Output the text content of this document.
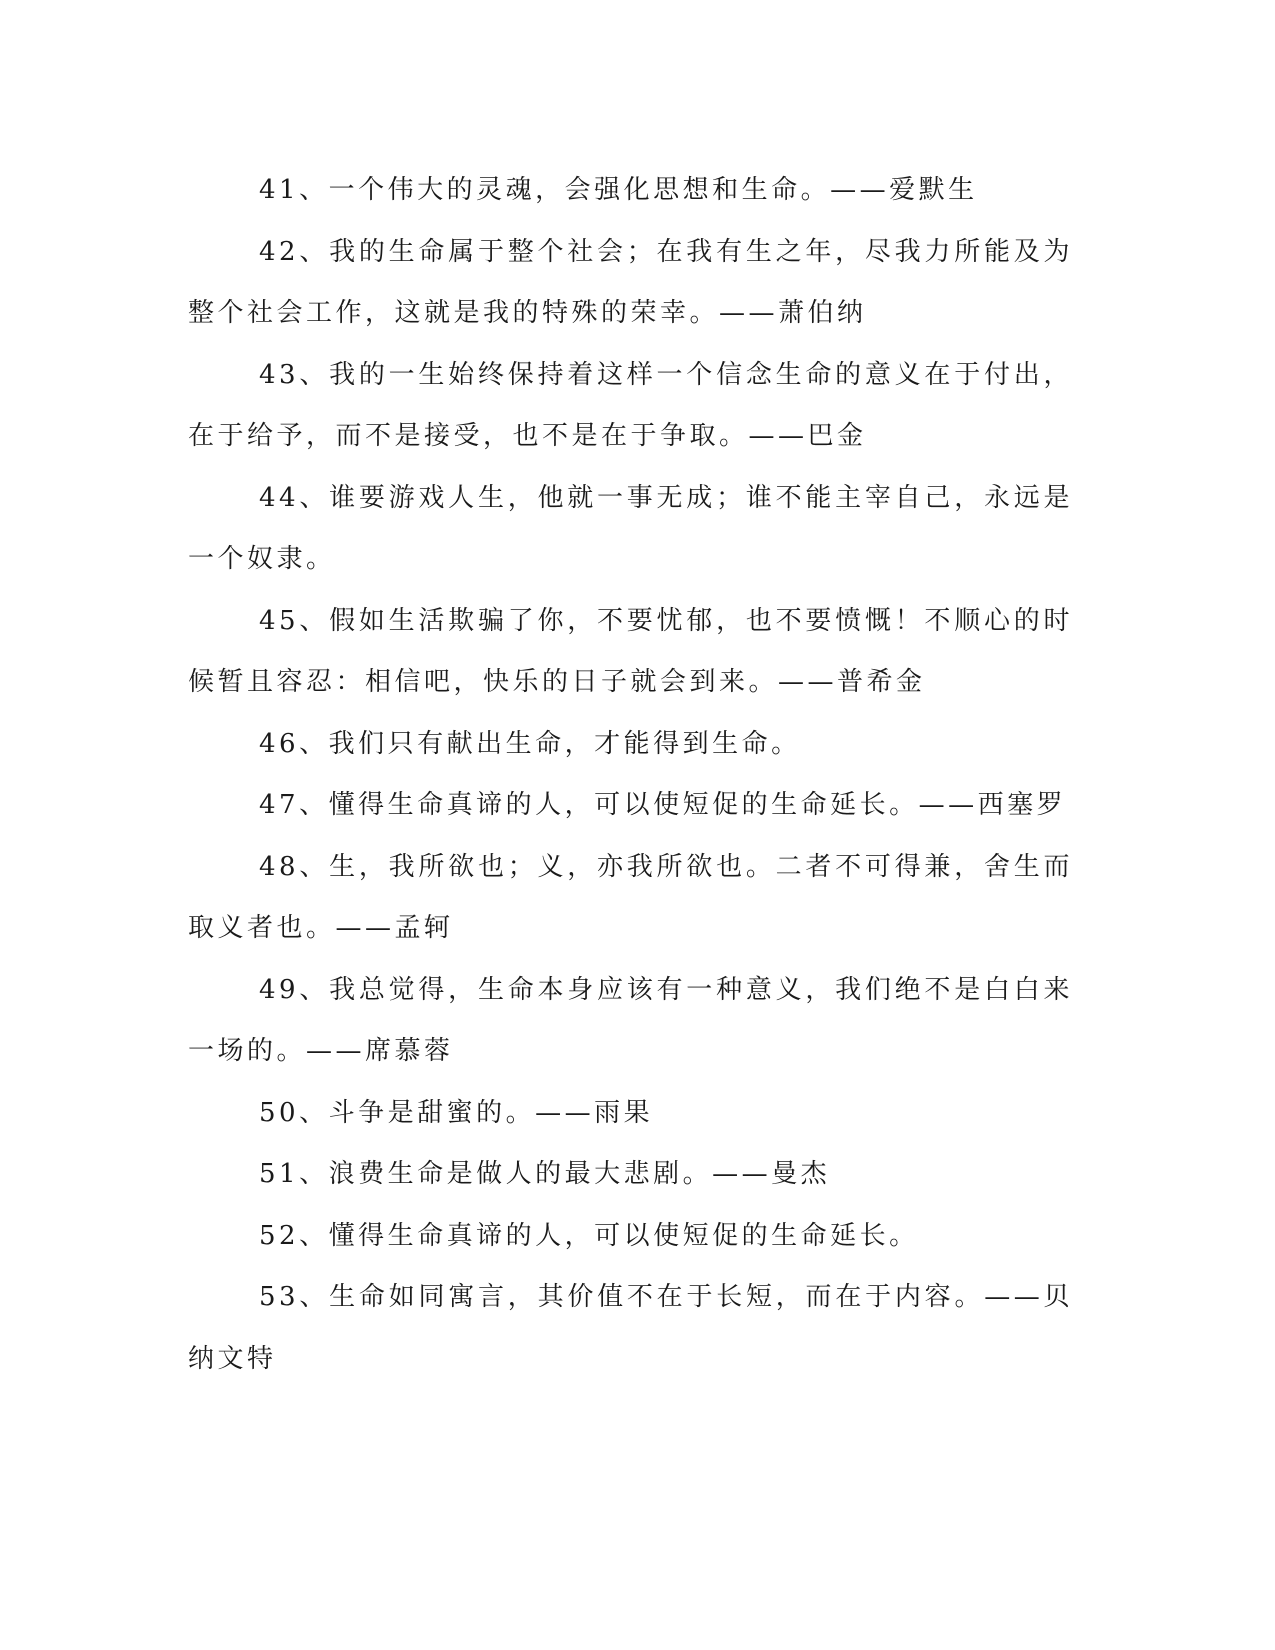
41、一个伟大的灵魂，会强化思想和生命。——爱默生

42、我的生命属于整个社会；在我有生之年，尽我力所能及为整个社会工作，这就是我的特殊的荣幸。——萧伯纳

43、我的一生始终保持着这样一个信念生命的意义在于付出，在于给予，而不是接受，也不是在于争取。——巴金

44、谁要游戏人生，他就一事无成；谁不能主宰自己，永远是一个奴隶。

45、假如生活欺骗了你，不要忧郁，也不要愤慨！不顺心的时候暂且容忍：相信吧，快乐的日子就会到来。——普希金

46、我们只有献出生命，才能得到生命。

47、懂得生命真谛的人，可以使短促的生命延长。——西塞罗

48、生，我所欲也；义，亦我所欲也。二者不可得兼，舍生而取义者也。——孟轲

49、我总觉得，生命本身应该有一种意义，我们绝不是白白来一场的。——席慕蓉

50、斗争是甜蜜的。——雨果

51、浪费生命是做人的最大悲剧。——曼杰

52、懂得生命真谛的人，可以使短促的生命延长。

53、生命如同寓言，其价值不在于长短，而在于内容。——贝纳文特
